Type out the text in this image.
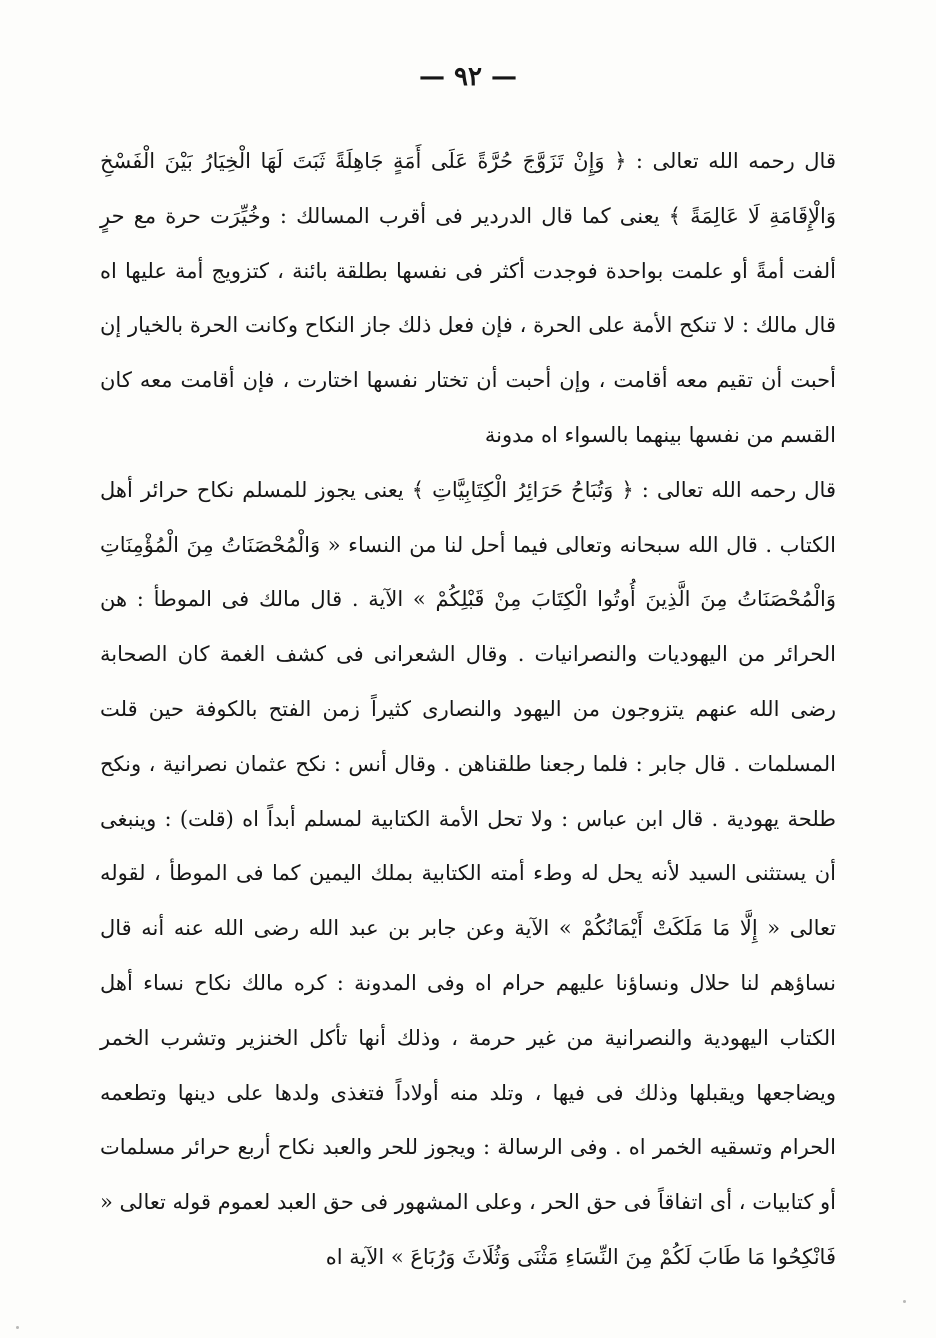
— ٩٢ —

قال رحمه الله تعالى : ﴿ وَإِنْ تَزَوَّجَ حُرَّةً عَلَى أَمَةٍ جَاهِلَةً ثَبَتَ لَهَا الْخِيَارُ بَيْنَ الْفَسْخِ وَالْإِقَامَةِ لَا عَالِمَةً ﴾ يعنى كما قال الدردير فى أقرب المسالك : وخُيِّرَت حرة مع حرٍ ألفت أمةً أو علمت بواحدة فوجدت أكثر فى نفسها بطلقة بائنة ، كتزويج أمة عليها اه قال مالك : لا تنكح الأمة على الحرة ، فإن فعل ذلك جاز النكاح وكانت الحرة بالخيار إن أحبت أن تقيم معه أقامت ، وإن أحبت أن تختار نفسها اختارت ، فإن أقامت معه كان القسم من نفسها بينهما بالسواء اه مدونة

قال رحمه الله تعالى : ﴿ وَتُبَاحُ حَرَائِرُ الْكِتَابِيَّاتِ ﴾ يعنى يجوز للمسلم نكاح حرائر أهل الكتاب . قال الله سبحانه وتعالى فيما أحل لنا من النساء « وَالْمُحْصَنَاتُ مِنَ الْمُؤْمِنَاتِ وَالْمُحْصَنَاتُ مِنَ الَّذِينَ أُوتُوا الْكِتَابَ مِنْ قَبْلِكُمْ » الآية . قال مالك فى الموطأ : هن الحرائر من اليهوديات والنصرانيات . وقال الشعرانى فى كشف الغمة كان الصحابة رضى الله عنهم يتزوجون من اليهود والنصارى كثيراً زمن الفتح بالكوفة حين قلت المسلمات . قال جابر : فلما رجعنا طلقناهن . وقال أنس : نكح عثمان نصرانية ، ونكح طلحة يهودية . قال ابن عباس : ولا تحل الأمة الكتابية لمسلم أبداً اه (قلت) : وينبغى أن يستثنى السيد لأنه يحل له وطء أمته الكتابية بملك اليمين كما فى الموطأ ، لقوله تعالى « إِلَّا مَا مَلَكَتْ أَيْمَانُكُمْ » الآية وعن جابر بن عبد الله رضى الله عنه أنه قال نساؤهم لنا حلال ونساؤنا عليهم حرام اه وفى المدونة : كره مالك نكاح نساء أهل الكتاب اليهودية والنصرانية من غير حرمة ، وذلك أنها تأكل الخنزير وتشرب الخمر ويضاجعها ويقبلها وذلك فى فيها ، وتلد منه أولاداً فتغذى ولدها على دينها وتطعمه الحرام وتسقيه الخمر اه . وفى الرسالة : ويجوز للحر والعبد نكاح أربع حرائر مسلمات أو كتابيات ، أى اتفاقاً فى حق الحر ، وعلى المشهور فى حق العبد لعموم قوله تعالى « فَانْكِحُوا مَا طَابَ لَكُمْ مِنَ النِّسَاءِ مَثْنَى وَثُلَاثَ وَرُبَاعَ » الآية اه
